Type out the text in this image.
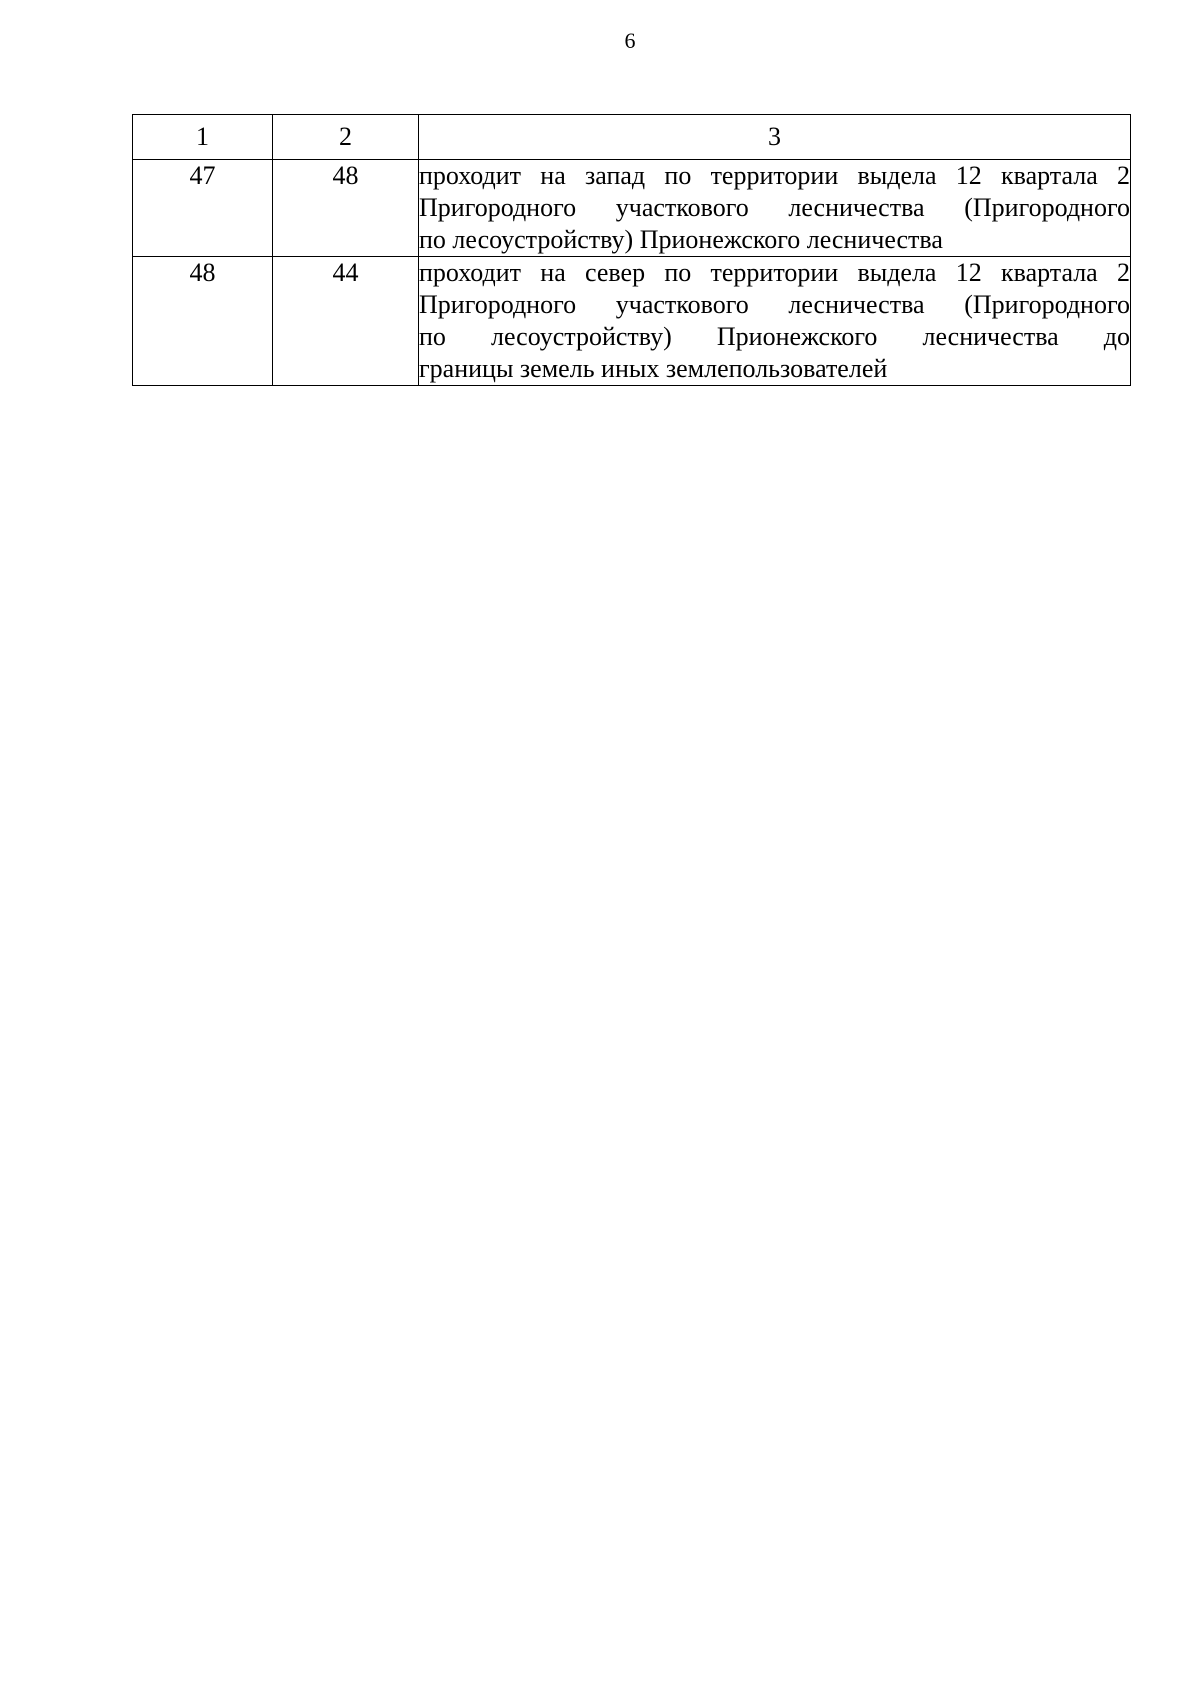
6
1	2	3
47	48	проходит на запад по территории выдела 12 квартала 2
Пригородного участкового лесничества (Пригородного
по лесоустройству) Прионежского лесничества

48	44	проходит на север по территории выдела 12 квартала 2
Пригородного участкового лесничества (Пригородного
по лесоустройству) Прионежского лесничества до
границы земель иных землепользователей
